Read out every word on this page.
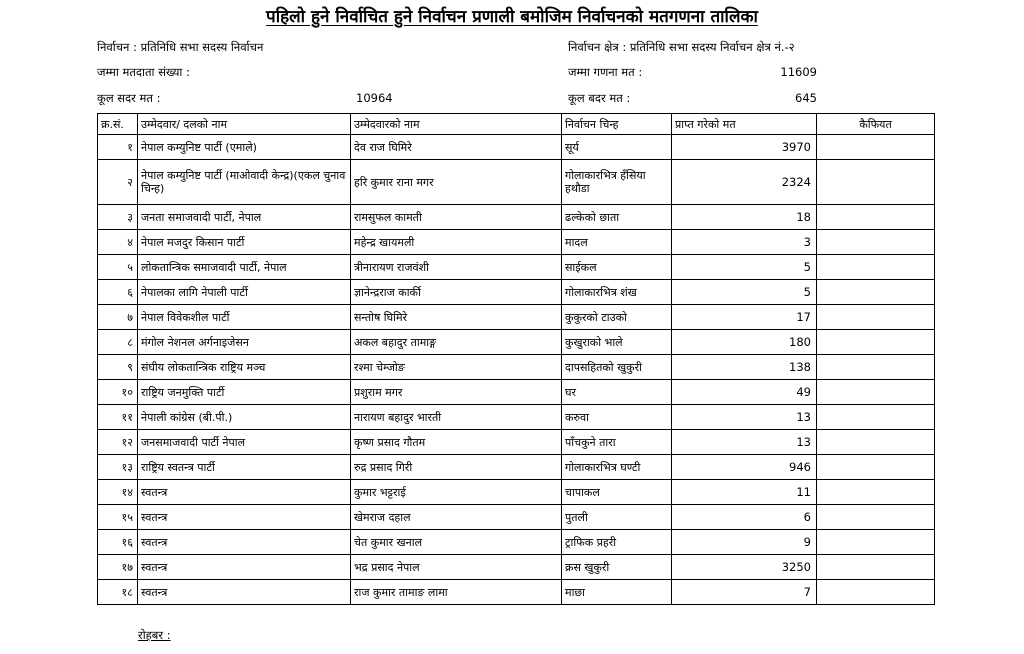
पहिलो हुने निर्वाचित हुने निर्वाचन प्रणाली बमोजिम निर्वाचनको मतगणना तालिका
निर्वाचन : प्रतिनिधि सभा सदस्य निर्वाचन	निर्वाचन क्षेत्र : प्रतिनिधि सभा सदस्य निर्वाचन क्षेत्र नं.-२
जम्मा मतदाता संख्या :	जम्मा गणना मत :	11609
कूल सदर मत :	10964	कूल बदर मत :	645
क्र.सं.	उम्मेदवार/ दलको नाम	उम्मेदवारको नाम	निर्वाचन चिन्ह	प्राप्त गरेको मत	कैफियत
१	नेपाल कम्युनिष्ट पार्टी (एमाले)	देव राज घिमिरे	सूर्य	3970	
२	नेपाल कम्युनिष्ट पार्टी (माओवादी केन्द्र)(एकल चुनाव चिन्ह)	हरि कुमार राना मगर	गोलाकारभित्र हँसिया हथौडा	2324	
३	जनता समाजवादी पार्टी, नेपाल	रामसुफल कामती	ढल्केको छाता	18	
४	नेपाल मजदुर किसान पार्टी	महेन्द्र खायमली	मादल	3	
५	लोकतान्त्रिक समाजवादी पार्टी, नेपाल	त्रीनारायण राजवंशी	साईकल	5	
६	नेपालका लागि नेपाली पार्टी	ज्ञानेन्द्रराज कार्की	गोलाकारभित्र शंख	5	
७	नेपाल विवेकशील पार्टी	सन्तोष घिमिरे	कुकुरको टाउको	17	
८	मंगोल नेशनल अर्गनाइजेसन	अकल बहादुर तामाङ्ग	कुखुराको भाले	180	
९	संघीय लोकतान्त्रिक राष्ट्रिय मञ्च	रश्मा चेम्जोङ	दापसहितको खुकुरी	138	
१०	राष्ट्रिय जनमुक्ति पार्टी	प्रशुराम मगर	घर	49	
११	नेपाली कांग्रेस (बी.पी.)	नारायण बहादुर भारती	करुवा	13	
१२	जनसमाजवादी पार्टी नेपाल	कृष्ण प्रसाद गौतम	पाँचकुने तारा	13	
१३	राष्ट्रिय स्वतन्त्र पार्टी	रुद्र प्रसाद गिरी	गोलाकारभित्र घण्टी	946	
१४	स्वतन्त्र	कुमार भट्टराई	चापाकल	11	
१५	स्वतन्त्र	खेमराज दहाल	पुतली	6	
१६	स्वतन्त्र	चेत कुमार खनाल	ट्राफिक प्रहरी	9	
१७	स्वतन्त्र	भद्र प्रसाद नेपाल	क्रस खुकुरी	3250	
१८	स्वतन्त्र	राज कुमार तामाङ लामा	माछा	7	
रोहबर :
